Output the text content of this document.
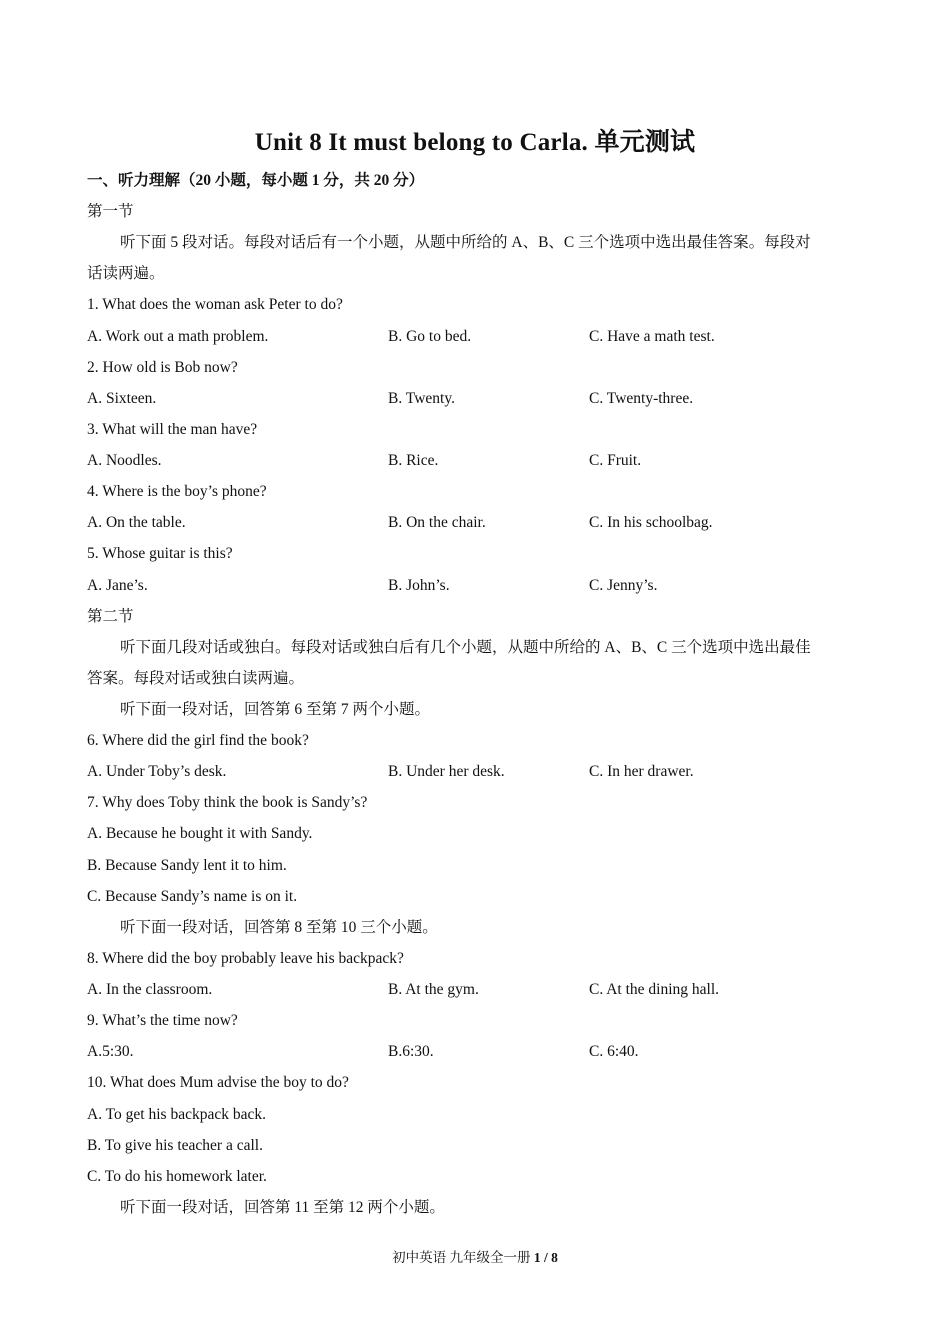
Unit 8 It must belong to Carla. 单元测试
一、听力理解（20 小题，每小题 1 分，共 20 分）
第一节
听下面 5 段对话。每段对话后有一个小题，从题中所给的 A、B、C 三个选项中选出最佳答案。每段对
话读两遍。
1. What does the woman ask Peter to do?
A. Work out a math problem.	B. Go to bed.	C. Have a math test.
2. How old is Bob now?
A. Sixteen.	B. Twenty.	C. Twenty-three.
3. What will the man have?
A. Noodles.	B. Rice.	C. Fruit.
4. Where is the boy’s phone?
A. On the table.	B. On the chair.	C. In his schoolbag.
5. Whose guitar is this?
A. Jane’s.	B. John’s.	C. Jenny’s.
第二节
听下面几段对话或独白。每段对话或独白后有几个小题，从题中所给的 A、B、C 三个选项中选出最佳
答案。每段对话或独白读两遍。
听下面一段对话，回答第 6 至第 7 两个小题。
6. Where did the girl find the book?
A. Under Toby’s desk.	B. Under her desk.	C. In her drawer.
7. Why does Toby think the book is Sandy’s?
A. Because he bought it with Sandy.
B. Because Sandy lent it to him.
C. Because Sandy’s name is on it.
听下面一段对话，回答第 8 至第 10 三个小题。
8. Where did the boy probably leave his backpack?
A. In the classroom.	B. At the gym.	C. At the dining hall.
9. What’s the time now?
A.5:30.	B.6:30.	C. 6:40.
10. What does Mum advise the boy to do?
A. To get his backpack back.
B. To give his teacher a call.
C. To do his homework later.
听下面一段对话，回答第 11 至第 12 两个小题。
初中英语 九年级全一册 1 / 8
